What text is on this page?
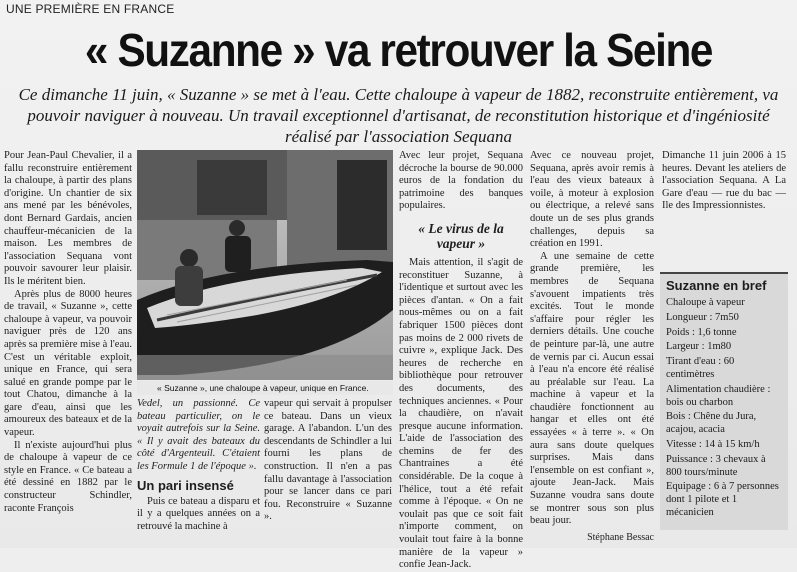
UNE PREMIÈRE EN FRANCE
« Suzanne » va retrouver la Seine
Ce dimanche 11 juin, « Suzanne » se met à l'eau. Cette chaloupe à vapeur de 1882, reconstruite entièrement, va pouvoir naviguer à nouveau. Un travail exceptionnel d'artisanat, de reconstitution historique et d'ingéniosité réalisé par l'association Sequana

Pour Jean-Paul Chevalier, il a fallu reconstruire entièrement la chaloupe, à partir des plans d'origine. Un chantier de six ans mené par les bénévoles, dont Bernard Gardais, ancien chauffeur-mécanicien de la maison. Les membres de l'association Sequana vont pouvoir savourer leur plaisir. Ils le méritent bien.

Après plus de 8000 heures de travail, « Suzanne », cette chaloupe à vapeur, va pouvoir naviguer près de 120 ans après sa première mise à l'eau. C'est un véritable exploit, unique en France, qui sera salué en grande pompe par le tout Chatou, dimanche à la gare d'eau, ainsi que les amoureux des bateaux et de la vapeur.

Il n'existe aujourd'hui plus de chaloupe à vapeur de ce style en France. « Ce bateau a été dessiné en 1882 par le constructeur Schindler, raconte François

« Suzanne », une chaloupe à vapeur, unique en France.

Vedel, un passionné. Ce bateau particulier, on le voyait autrefois sur la Seine. « Il y avait des bateaux du côté d'Argenteuil. C'étaient les Formule 1 de l'époque ».

Un pari insensé

Puis ce bateau a disparu et il y a quelques années on a retrouvé la machine à

vapeur qui servait à propulser ce bateau. Dans un vieux garage. A l'abandon. L'un des descendants de Schindler a lui fourni les plans de construction. Il n'en a pas fallu davantage à l'association pour se lancer dans ce pari fou. Reconstruire « Suzanne ».

Avec leur projet, Sequana décroche la bourse de 90.000 euros de la fondation du patrimoine des banques populaires.

« Le virus de la vapeur »

Mais attention, il s'agit de reconstituer Suzanne, à l'identique et surtout avec les pièces d'antan. « On a fait nous-mêmes ou on a fait fabriquer 1500 pièces dont pas moins de 2 000 rivets de cuivre », explique Jack. Des heures de recherche en bibliothèque pour retrouver des documents, des techniques anciennes. « Pour la chaudière, on n'avait presque aucune information. L'aide de l'association des chemins de fer des Chantraines a été considérable. De la coque à l'hélice, tout a été refait comme à l'époque. « On ne voulait pas que ce soit fait n'importe comment, on voulait tout faire à la bonne manière de la vapeur » confie Jean-Jack.

Avec ce nouveau projet, Sequana, après avoir remis à l'eau des vieux bateaux à voile, à moteur à explosion ou électrique, a relevé sans doute un de ses plus grands challenges, depuis sa création en 1991.

A une semaine de cette grande première, les membres de Sequana s'avouent impatients très excités. Tout le monde s'affaire pour régler les derniers détails. Une couche de peinture par-là, une autre de vernis par ci. Aucun essai à l'eau n'a encore été réalisé au préalable sur l'eau. La machine à vapeur et la chaudière fonctionnent au hangar et elles ont été essayées « à terre ». « On aura sans doute quelques surprises. Mais dans l'ensemble on est confiant », ajoute Jean-Jack. Mais Suzanne voudra sans doute se montrer sous son plus beau jour.

Stéphane Bessac

Dimanche 11 juin 2006 à 15 heures. Devant les ateliers de l'association Sequana. A La Gare d'eau — rue du bac — Ile des Impressionnistes.

Suzanne en bref
Chaloupe à vapeur
Longueur : 7m50
Poids : 1,6 tonne
Largeur : 1m80
Tirant d'eau : 60 centimètres
Alimentation chaudière : bois ou charbon
Bois : Chêne du Jura, acajou, acacia
Vitesse : 14 à 15 km/h
Puissance : 3 chevaux à 800 tours/minute
Equipage : 6 à 7 personnes dont 1 pilote et 1 mécanicien
